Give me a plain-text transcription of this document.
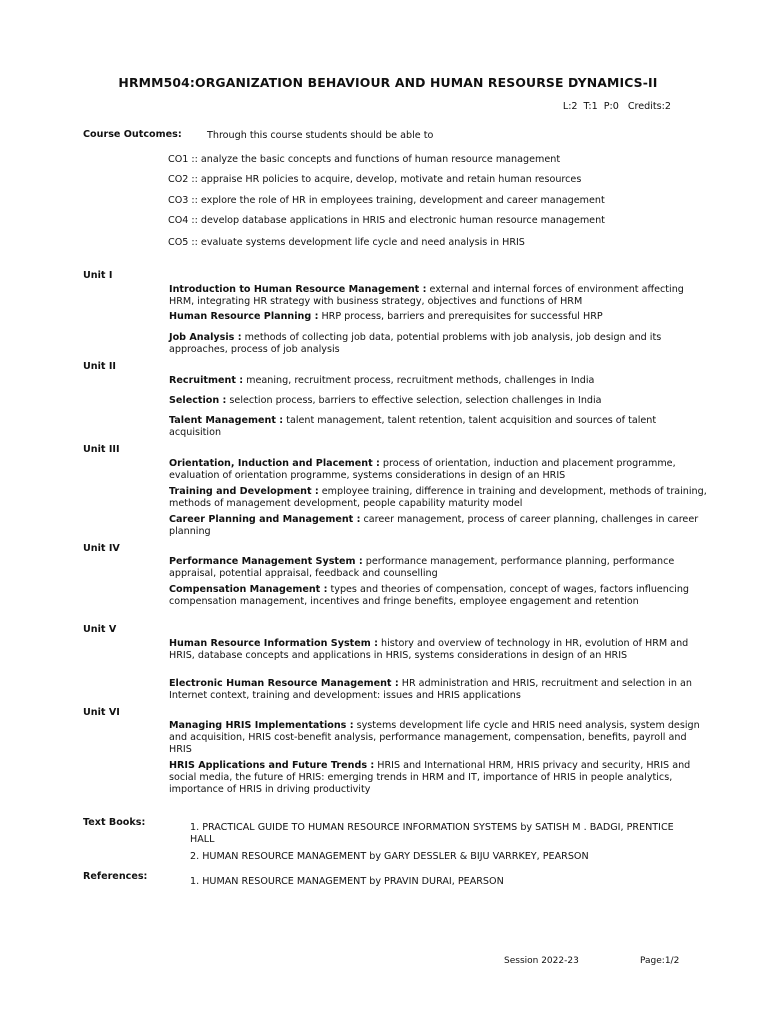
HRMM504:ORGANIZATION BEHAVIOUR AND HUMAN RESOURSE DYNAMICS-II
L:2 T:1 P:0 Credits:2
Course Outcomes:	Through this course students should be able to
CO1 :: analyze the basic concepts and functions of human resource management
CO2 :: appraise HR policies to acquire, develop, motivate and retain human resources
CO3 :: explore the role of HR in employees training, development and career management
CO4 :: develop database applications in HRIS and electronic human resource management
CO5 :: evaluate systems development life cycle and need analysis in HRIS
Unit I
Introduction to Human Resource Management : external and internal forces of environment affecting HRM, integrating HR strategy with business strategy, objectives and functions of HRM
Human Resource Planning : HRP process, barriers and prerequisites for successful HRP
Job Analysis : methods of collecting job data, potential problems with job analysis, job design and its approaches, process of job analysis
Unit II
Recruitment : meaning, recruitment process, recruitment methods, challenges in India
Selection : selection process, barriers to effective selection, selection challenges in India
Talent Management : talent management, talent retention, talent acquisition and sources of talent acquisition
Unit III
Orientation, Induction and Placement : process of orientation, induction and placement programme, evaluation of orientation programme, systems considerations in design of an HRIS
Training and Development : employee training, difference in training and development, methods of training, methods of management development, people capability maturity model
Career Planning and Management : career management, process of career planning, challenges in career planning
Unit IV
Performance Management System : performance management, performance planning, performance appraisal, potential appraisal, feedback and counselling
Compensation Management : types and theories of compensation, concept of wages, factors influencing compensation management, incentives and fringe benefits, employee engagement and retention
Unit V
Human Resource Information System : history and overview of technology in HR, evolution of HRM and HRIS, database concepts and applications in HRIS, systems considerations in design of an HRIS
Electronic Human Resource Management : HR administration and HRIS, recruitment and selection in an Internet context, training and development: issues and HRIS applications
Unit VI
Managing HRIS Implementations : systems development life cycle and HRIS need analysis, system design and acquisition, HRIS cost-benefit analysis, performance management, compensation, benefits, payroll and HRIS
HRIS Applications and Future Trends : HRIS and International HRM, HRIS privacy and security, HRIS and social media, the future of HRIS: emerging trends in HRM and IT, importance of HRIS in people analytics, importance of HRIS in driving productivity
Text Books:	1. PRACTICAL GUIDE TO HUMAN RESOURCE INFORMATION SYSTEMS by SATISH M . BADGI, PRENTICE HALL
2. HUMAN RESOURCE MANAGEMENT by GARY DESSLER & BIJU VARRKEY, PEARSON
References:	1. HUMAN RESOURCE MANAGEMENT by PRAVIN DURAI, PEARSON
Session 2022-23	Page:1/2
